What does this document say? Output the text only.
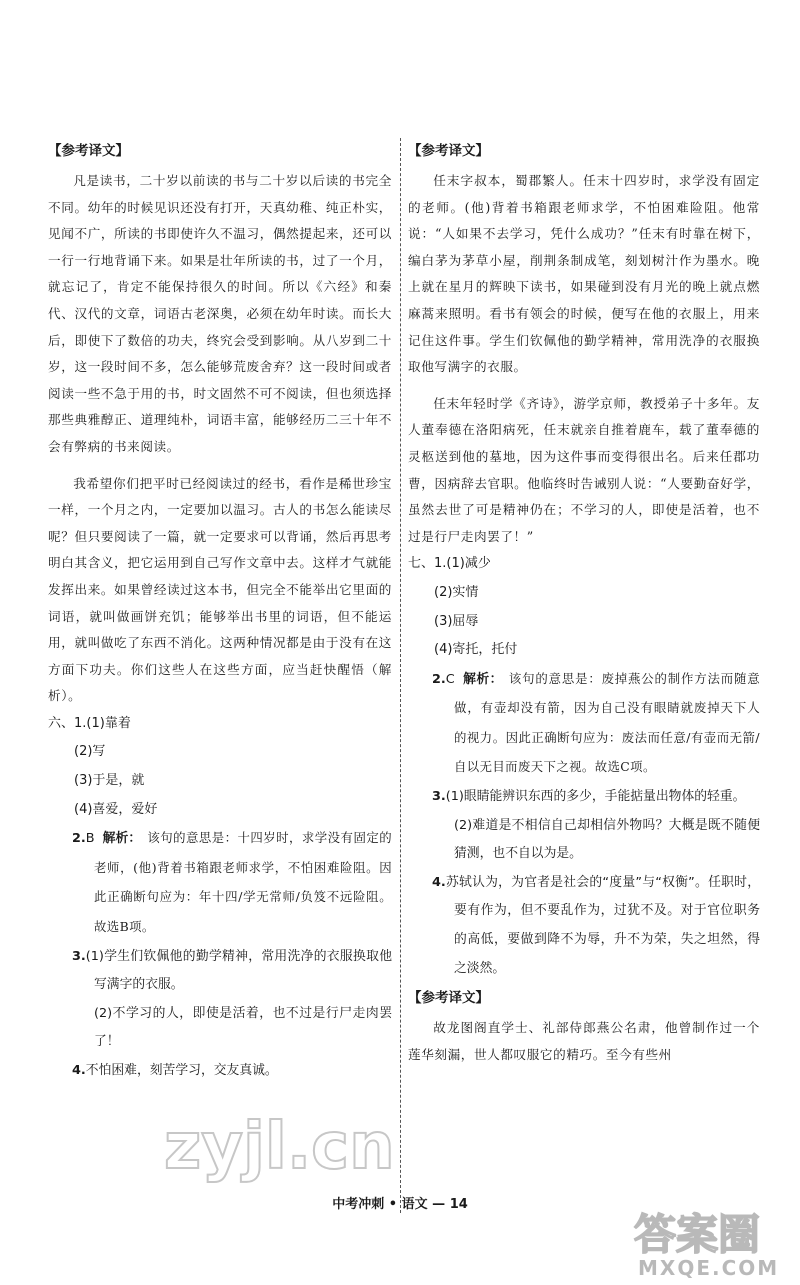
【参考译文】

凡是读书，二十岁以前读的书与二十岁以后读的书完全不同。幼年的时候见识还没有打开，天真幼稚、纯正朴实，见闻不广，所读的书即使许久不温习，偶然提起来，还可以一行一行地背诵下来。如果是壮年所读的书，过了一个月，就忘记了，肯定不能保持很久的时间。所以《六经》和秦代、汉代的文章，词语古老深奥，必须在幼年时读。而长大后，即使下了数倍的功夫，终究会受到影响。从八岁到二十岁，这一段时间不多，怎么能够荒废舍弃？这一段时间或者阅读一些不急于用的书，时文固然不可不阅读，但也须选择那些典雅醇正、道理纯朴，词语丰富，能够经历二三十年不会有弊病的书来阅读。

我希望你们把平时已经阅读过的经书，看作是稀世珍宝一样，一个月之内，一定要加以温习。古人的书怎么能读尽呢？但只要阅读了一篇，就一定要求可以背诵，然后再思考明白其含义，把它运用到自己写作文章中去。这样才气就能发挥出来。如果曾经读过这本书，但完全不能举出它里面的词语，就叫做画饼充饥；能够举出书里的词语，但不能运用，就叫做吃了东西不消化。这两种情况都是由于没有在这方面下功夫。你们这些人在这些方面，应当赶快醒悟（解析）。

六、1.(1)靠着

(2)写

(3)于是，就

(4)喜爱，爱好

2.B 解析： 该句的意思是：十四岁时，求学没有固定的老师，(他)背着书箱跟老师求学，不怕困难险阻。因此正确断句应为：年十四/学无常师/负笈不远险阻。故选B项。

3.(1)学生们钦佩他的勤学精神，常用洗净的衣服换取他写满字的衣服。

(2)不学习的人，即使是活着，也不过是行尸走肉罢了！

4.不怕困难，刻苦学习，交友真诚。

【参考译文】

任末字叔本，蜀郡繁人。任末十四岁时，求学没有固定的老师。(他)背着书箱跟老师求学，不怕困难险阻。他常说：“人如果不去学习，凭什么成功？”任末有时靠在树下，编白茅为茅草小屋，削荆条制成笔，刻划树汁作为墨水。晚上就在星月的辉映下读书，如果碰到没有月光的晚上就点燃麻蒿来照明。看书有领会的时候，便写在他的衣服上，用来记住这件事。学生们钦佩他的勤学精神，常用洗净的衣服换取他写满字的衣服。

任末年轻时学《齐诗》，游学京师，教授弟子十多年。友人董奉德在洛阳病死，任末就亲自推着鹿车，载了董奉德的灵柩送到他的墓地，因为这件事而变得很出名。后来任郡功曹，因病辞去官职。他临终时告诫别人说：“人要勤奋好学，虽然去世了可是精神仍在；不学习的人，即使是活着，也不过是行尸走肉罢了！”

七、1.(1)减少

(2)实情

(3)屈辱

(4)寄托，托付

2.C 解析： 该句的意思是：废掉燕公的制作方法而随意做，有壶却没有箭，因为自己没有眼睛就废掉天下人的视力。因此正确断句应为：废法而任意/有壶而无箭/自以无目而废天下之视。故选C项。

3.(1)眼睛能辨识东西的多少，手能掂量出物体的轻重。

(2)难道是不相信自己却相信外物吗？大概是既不随便猜测，也不自以为是。

4.苏轼认为，为官者是社会的“度量”与“权衡”。任职时，要有作为，但不要乱作为，过犹不及。对于官位职务的高低，要做到降不为辱，升不为荣，失之坦然，得之淡然。

【参考译文】

故龙图阁直学士、礼部侍郎燕公名肃，他曾制作过一个莲华刻漏，世人都叹服它的精巧。至今有些州

中考冲刺 • 语文 — 14
zyjl.cn
答案圈
MXQE.COM
